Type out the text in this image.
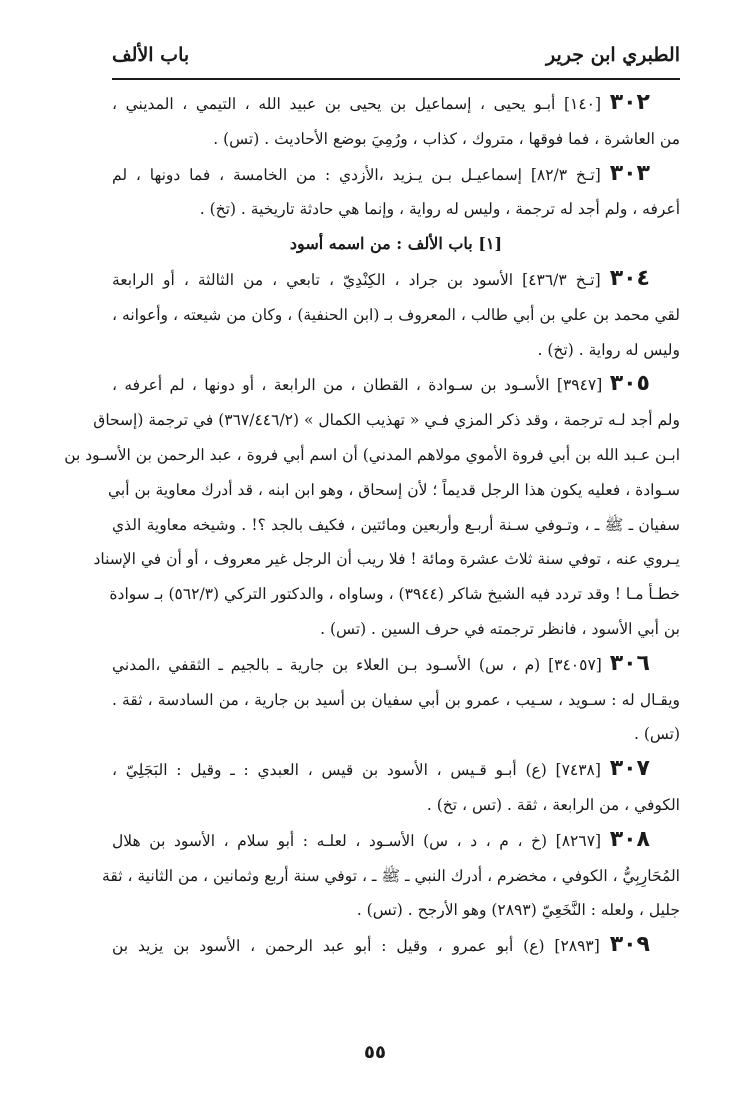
الطبري ابن جرير
باب الألف
٣٠٢ [١٤٠] أبـو يحيى ، إسماعيل بن يحيى بن عبيد الله ، التيمي ، المديني ،
من العاشرة ، فما فوقها ، متروك ، كذاب ، ورُمِيَ بوضع الأحاديث . (تس) .
٣٠٣ [تـخ ٨٢/٣] إسماعيـل بـن يـزيد ،الأزدي : من الخامسة ، فما دونها ، لم
أعرفه ، ولم أجد له ترجمة ، وليس له رواية ، وإنما هي حادثة تاريخية . (تخ) .
[١] باب الألف : من اسمه أسود
٣٠٤ [تـخ ٤٣٦/٣] الأسود بن جراد ، الكِنْدِيّ ، تابعي ، من الثالثة ، أو الرابعة
لقي محمد بن علي بن أبي طالب ، المعروف بـ (ابن الحنفية) ، وكان من شيعته ، وأعوانه ،
وليس له رواية . (تخ) .
٣٠٥ [٣٩٤٧] الأسـود بن سـوادة ، القطان ، من الرابعة ، أو دونها ، لم أعرفه ،
ولم أجد لـه ترجمة ، وقد ذكر المزي فـي « تهذيب الكمال » (٣٦٧/٤٤٦/٢) في ترجمة (إسحاق
ابـن عـبد الله بن أبي فروة الأموي مولاهم المدني) أن اسم أبي فروة ، عبد الرحمن بن الأسـود بن
سـوادة ، فعليه يكون هذا الرجل قديماً ؛ لأن إسحاق ، وهو ابن ابنه ، قد أدرك معاوية بن أبي
سفيان ـ ﷺ ـ ، وتـوفي سـنة أربـع وأربعين ومائتين ، فكيف بالجد ؟! . وشيخه معاوية الذي
يـروي عنه ، توفي سنة ثلاث عشرة ومائة ! فلا ريب أن الرجل غير معروف ، أو أن في الإسناد
خطـأ مـا ! وقد تردد فيه الشيخ شاكر (٣٩٤٤) ، وساواه ، والدكتور التركي (٥٦٢/٣) بـ سوادة
بن أبي الأسود ، فانظر ترجمته في حرف السين . (تس) .
٣٠٦ [٣٤٠٥٧] (م ، س) الأسـود بـن العلاء بن جارية ـ بالجيم ـ الثقفي ،المدني
ويقـال له : سـويد ، سـيب ، عمرو بن أبي سفيان بن أسيد بن جارية ، من السادسة ، ثقة .
(تس) .
٣٠٧ [٧٤٣٨] (ع) أبـو قـيس ، الأسود بن قيس ، العبدي : ـ وقيل : البَجَلِيّ ،
الكوفي ، من الرابعة ، ثقة . (تس ، تخ) .
٣٠٨ [٨٢٦٧] (خ ، م ، د ، س) الأسـود ، لعلـه : أبو سلام ، الأسود بن هلال
المُحَارِبِيُّ ، الكوفي ، مخضرم ، أدرك النبي ـ ﷺ ـ ، توفي سنة أربع وثمانين ، من الثانية ، ثقة
جليل ، ولعله : النَّخَعِيّ (٢٨٩٣) وهو الأرجح . (تس) .
٣٠٩ [٢٨٩٣] (ع) أبو عمرو ، وقيل : أبو عبد الرحمن ، الأسود بن يزيد بن
٥٥
